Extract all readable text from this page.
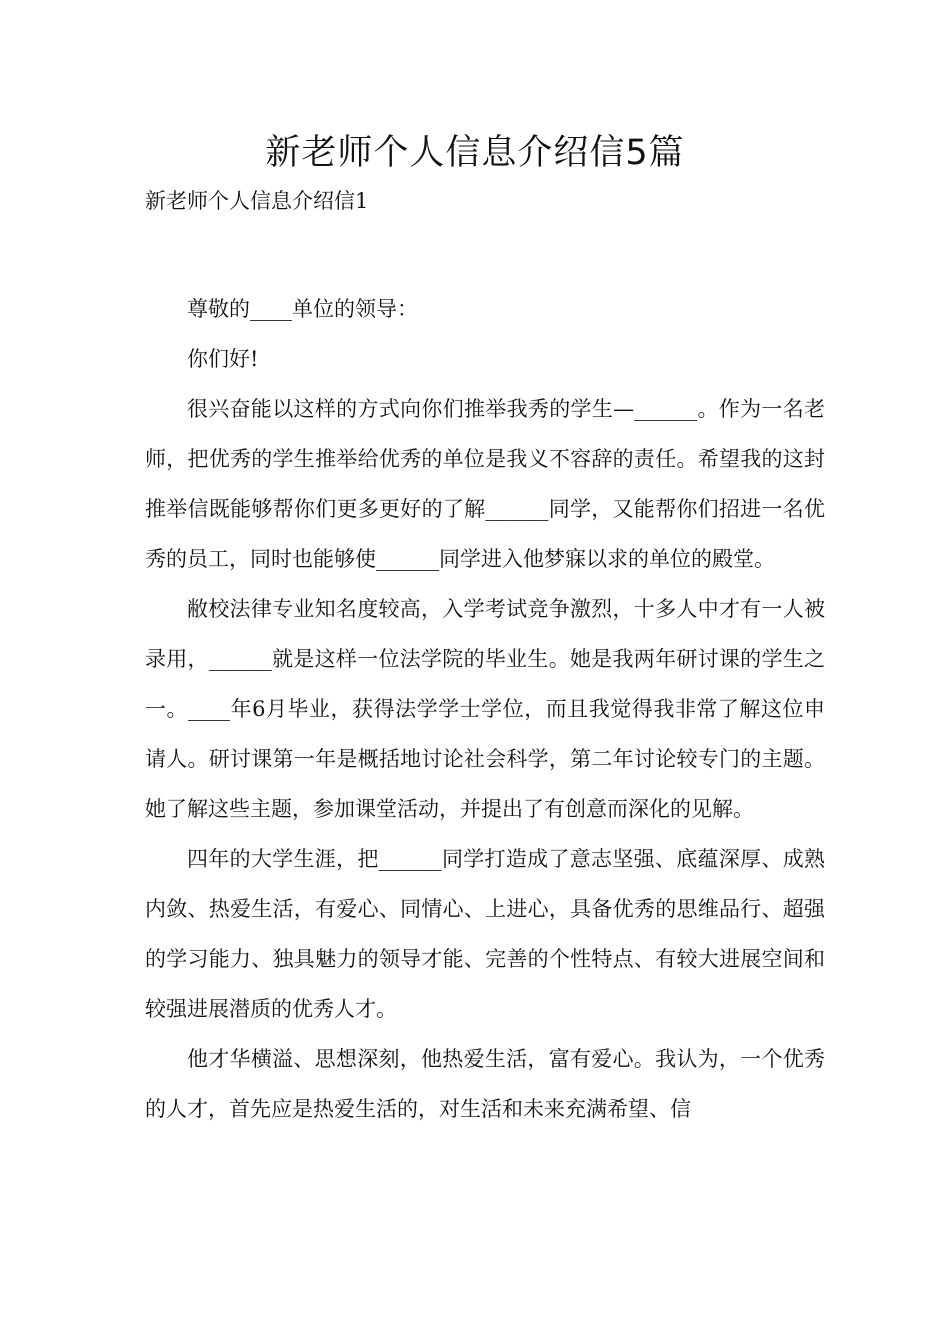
新老师个人信息介绍信5篇
新老师个人信息介绍信1

尊敬的____单位的领导：

你们好!

很兴奋能以这样的方式向你们推举我秀的学生—______。作为一名老师，把优秀的学生推举给优秀的单位是我义不容辞的责任。希望我的这封推举信既能够帮你们更多更好的了解______同学，又能帮你们招进一名优秀的员工，同时也能够使______同学进入他梦寐以求的单位的殿堂。

敝校法律专业知名度较高，入学考试竞争激烈，十多人中才有一人被录用，______就是这样一位法学院的毕业生。她是我两年研讨课的学生之一。____年6月毕业，获得法学学士学位，而且我觉得我非常了解这位申请人。研讨课第一年是概括地讨论社会科学，第二年讨论较专门的主题。她了解这些主题，参加课堂活动，并提出了有创意而深化的见解。

四年的大学生涯，把______同学打造成了意志坚强、底蕴深厚、成熟内敛、热爱生活，有爱心、同情心、上进心，具备优秀的思维品行、超强的学习能力、独具魅力的领导才能、完善的个性特点、有较大进展空间和较强进展潜质的优秀人才。

他才华横溢、思想深刻，他热爱生活，富有爱心。我认为，一个优秀的人才，首先应是热爱生活的，对生活和未来充满希望、信
